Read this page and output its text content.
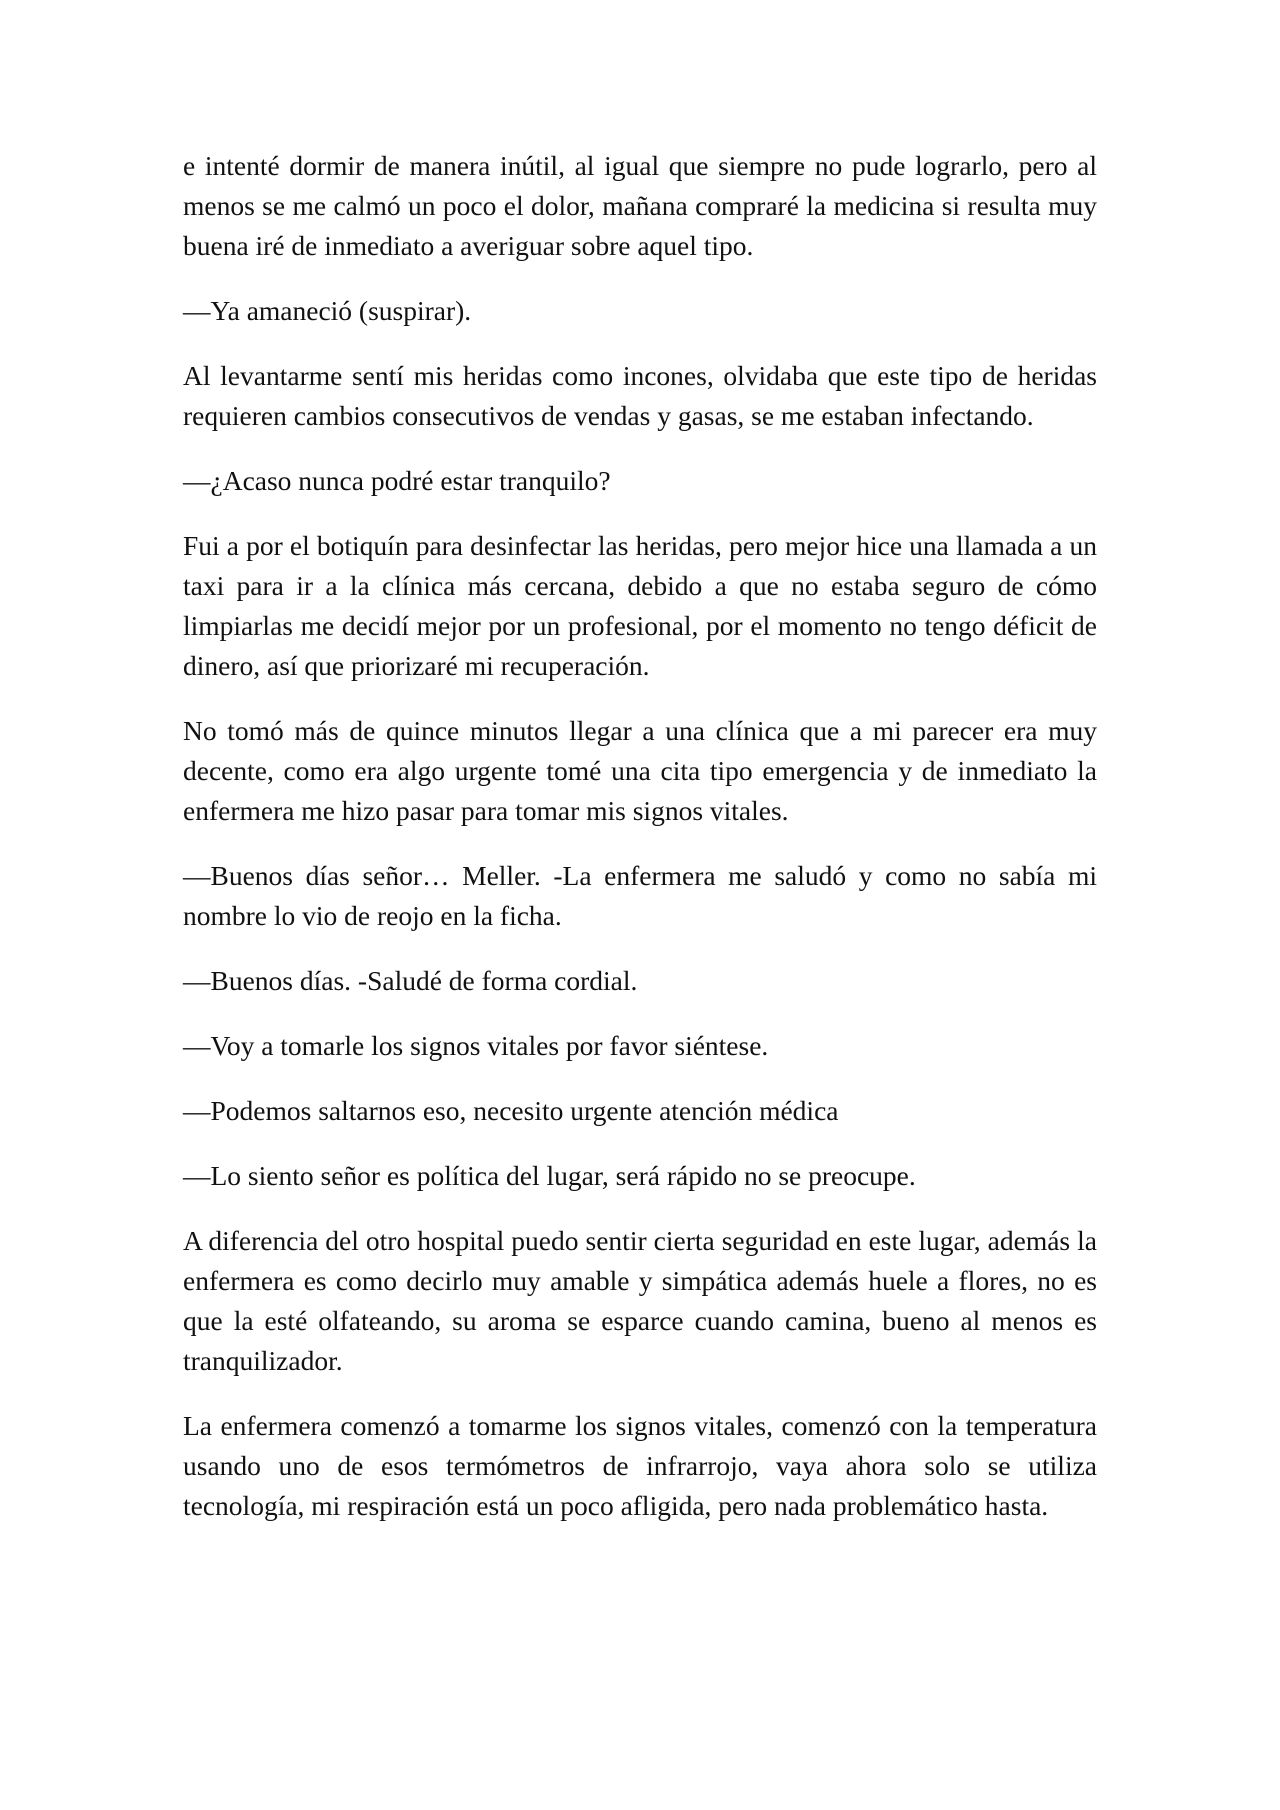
e intenté dormir de manera inútil, al igual que siempre no pude lograrlo, pero al menos se me calmó un poco el dolor, mañana compraré la medicina si resulta muy buena iré de inmediato a averiguar sobre aquel tipo.

—Ya amaneció (suspirar).

Al levantarme sentí mis heridas como incones, olvidaba que este tipo de heridas requieren cambios consecutivos de vendas y gasas, se me estaban infectando.

—¿Acaso nunca podré estar tranquilo?

Fui a por el botiquín para desinfectar las heridas, pero mejor hice una llamada a un taxi para ir a la clínica más cercana, debido a que no estaba seguro de cómo limpiarlas me decidí mejor por un profesional, por el momento no tengo déficit de dinero, así que priorizaré mi recuperación.

No tomó más de quince minutos llegar a una clínica que a mi parecer era muy decente, como era algo urgente tomé una cita tipo emergencia y de inmediato la enfermera me hizo pasar para tomar mis signos vitales.

—Buenos días señor… Meller. -La enfermera me saludó y como no sabía mi nombre lo vio de reojo en la ficha.

—Buenos días. -Saludé de forma cordial.

—Voy a tomarle los signos vitales por favor siéntese.

—Podemos saltarnos eso, necesito urgente atención médica

—Lo siento señor es política del lugar, será rápido no se preocupe.

A diferencia del otro hospital puedo sentir cierta seguridad en este lugar, además la enfermera es como decirlo muy amable y simpática además huele a flores, no es que la esté olfateando, su aroma se esparce cuando camina, bueno al menos es tranquilizador.

La enfermera comenzó a tomarme los signos vitales, comenzó con la temperatura usando uno de esos termómetros de infrarrojo, vaya ahora solo se utiliza tecnología, mi respiración está un poco afligida, pero nada problemático hasta.
